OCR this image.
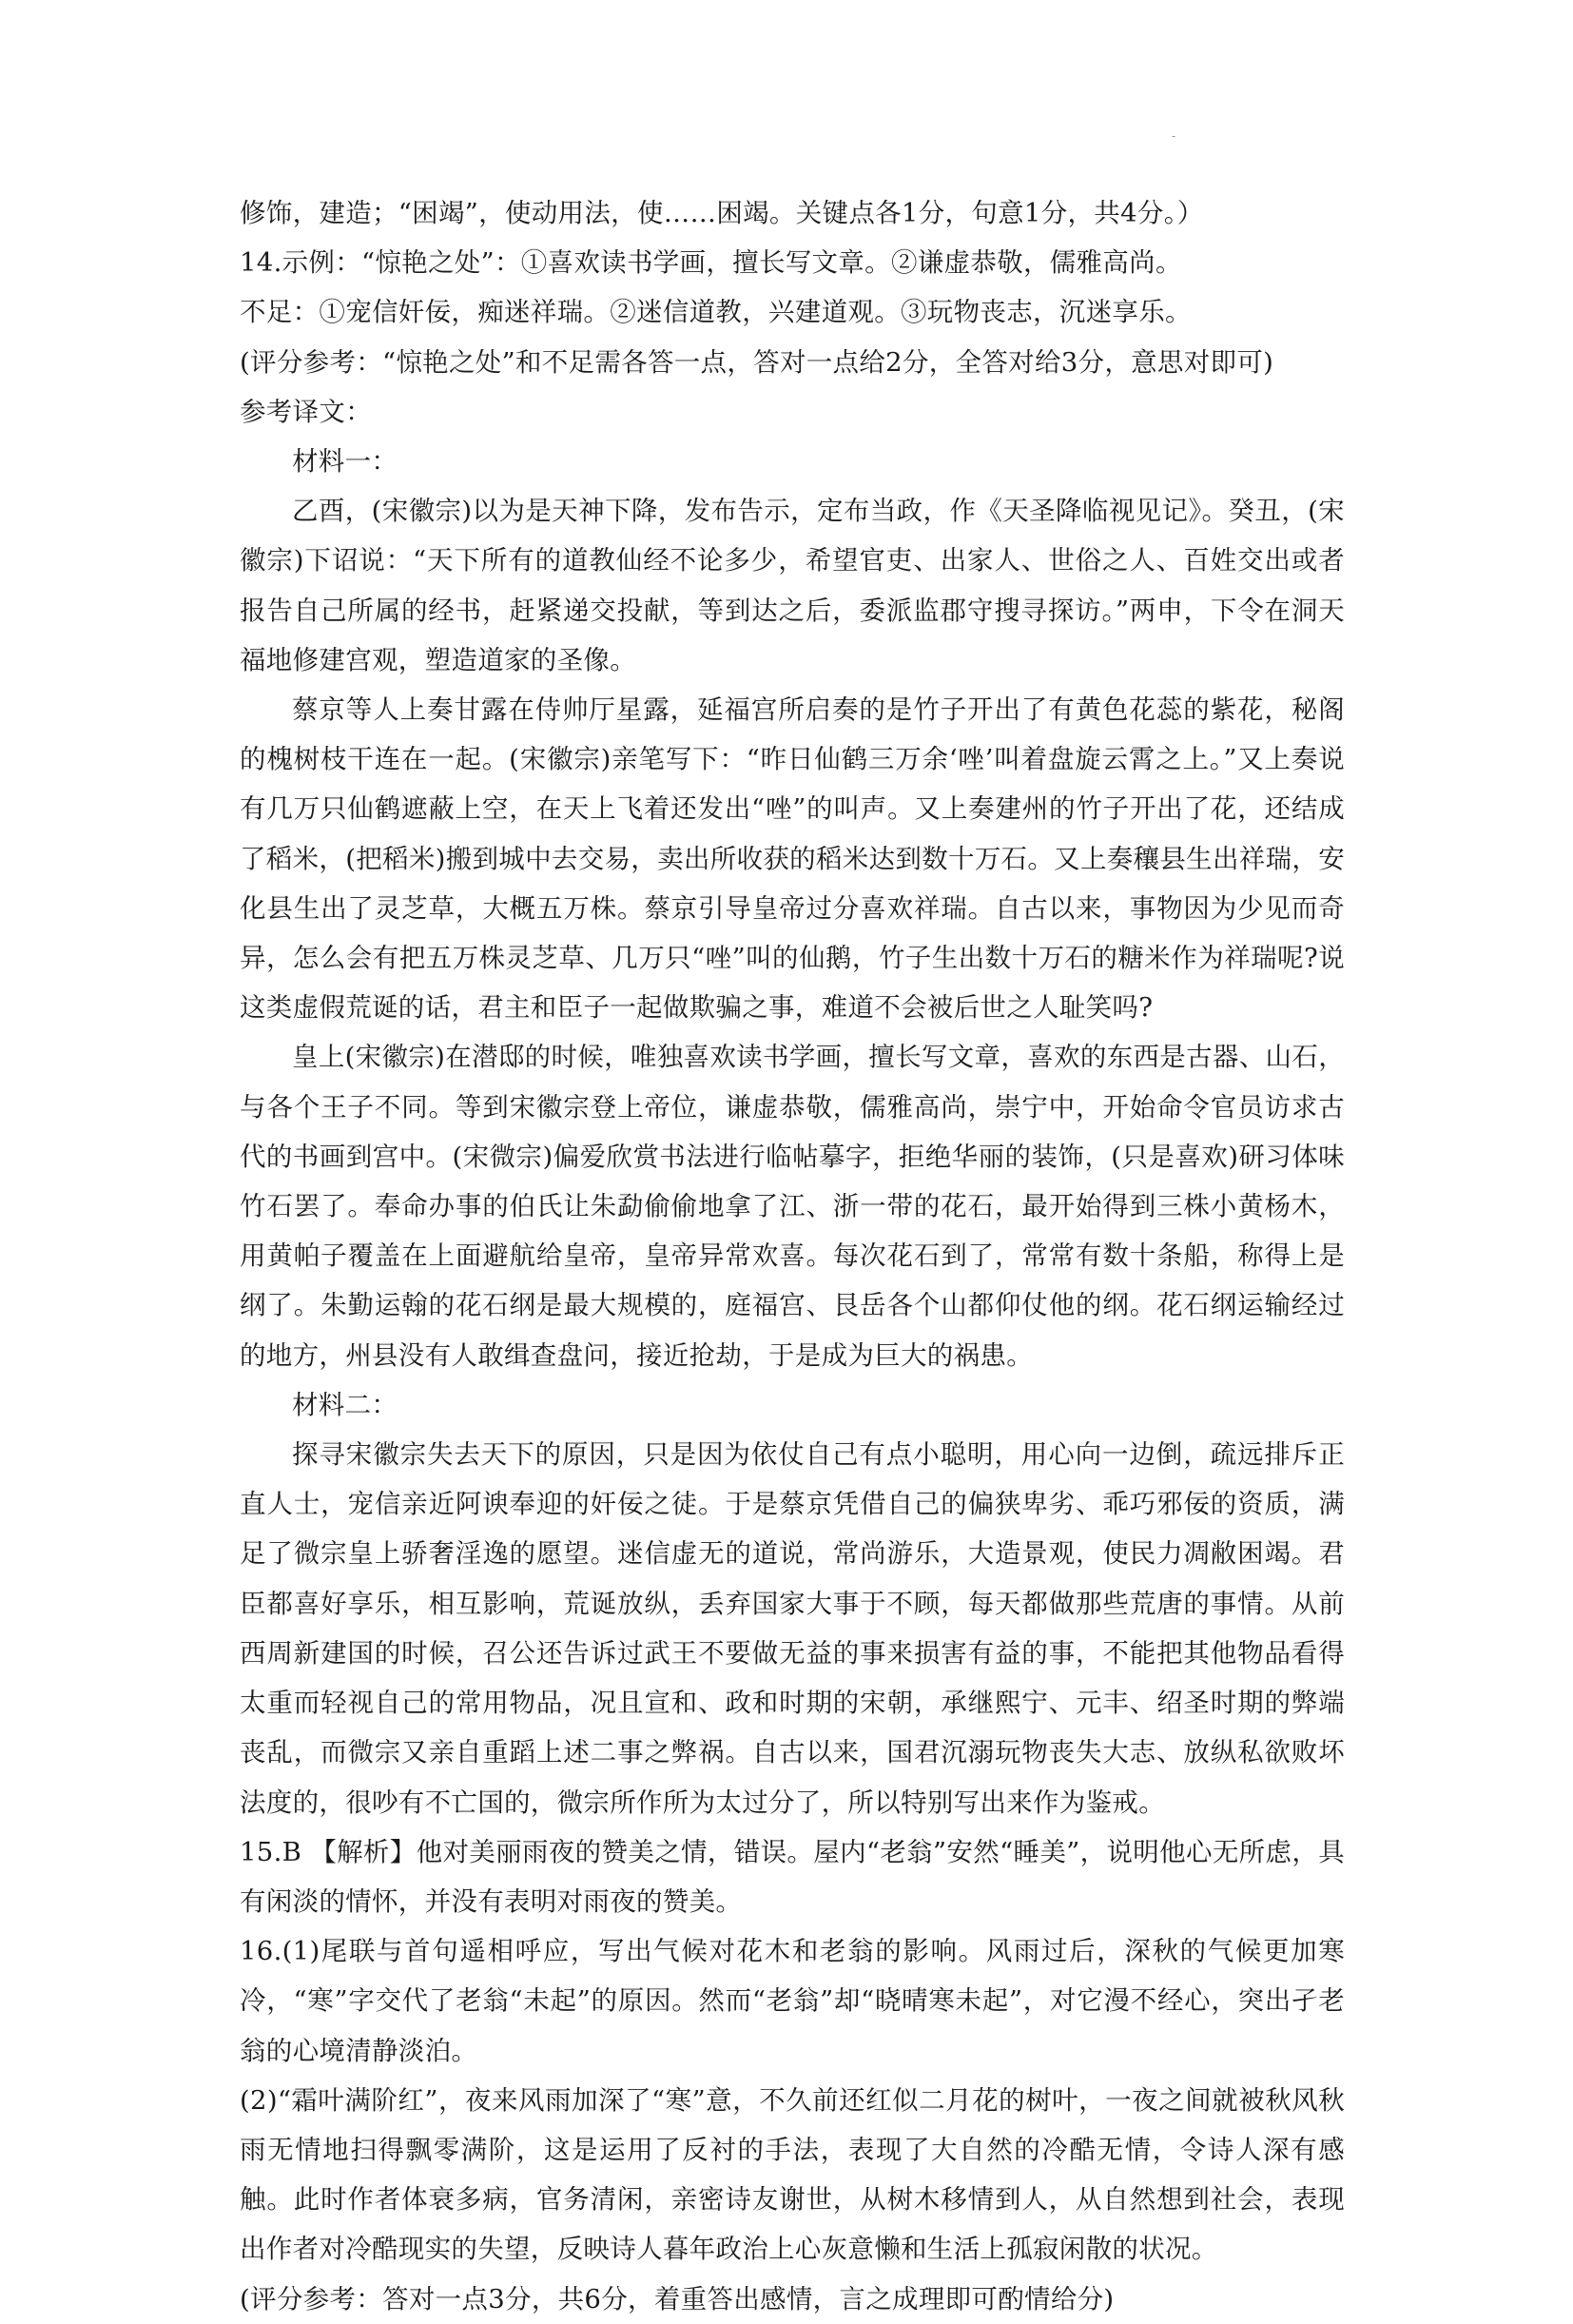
-

修饰，建造；“困竭”，使动用法，使……困竭。关键点各1分，句意1分，共4分。）

14.示例：“惊艳之处”：①喜欢读书学画，擅长写文章。②谦虚恭敬，儒雅高尚。

不足：①宠信奸佞，痴迷祥瑞。②迷信道教，兴建道观。③玩物丧志，沉迷享乐。

(评分参考：“惊艳之处”和不足需各答一点，答对一点给2分，全答对给3分，意思对即可)

参考译文：

材料一：

乙酉，(宋徽宗)以为是天神下降，发布告示，定布当政，作《天圣降临视见记》。癸丑，(宋徽宗)下诏说：“天下所有的道教仙经不论多少，希望官吏、出家人、世俗之人、百姓交出或者报告自己所属的经书，赶紧递交投献，等到达之后，委派监郡守搜寻探访。”两申，下令在洞天福地修建宫观，塑造道家的圣像。

蔡京等人上奏甘露在侍帅厅星露，延福宫所启奏的是竹子开出了有黄色花蕊的紫花，秘阁的槐树枝干连在一起。(宋徽宗)亲笔写下：“昨日仙鹤三万余‘唑’叫着盘旋云霄之上。”又上奏说有几万只仙鹤遮蔽上空，在天上飞着还发出“唑”的叫声。又上奏建州的竹子开出了花，还结成了稻米，(把稻米)搬到城中去交易，卖出所收获的稻米达到数十万石。又上奏穰县生出祥瑞，安化县生出了灵芝草，大概五万株。蔡京引导皇帝过分喜欢祥瑞。自古以来，事物因为少见而奇异，怎么会有把五万株灵芝草、几万只“唑”叫的仙鹅，竹子生出数十万石的糖米作为祥瑞呢?说这类虚假荒诞的话，君主和臣子一起做欺骗之事，难道不会被后世之人耻笑吗?

皇上(宋徽宗)在潜邸的时候，唯独喜欢读书学画，擅长写文章，喜欢的东西是古器、山石，与各个王子不同。等到宋徽宗登上帝位，谦虚恭敬，儒雅高尚，崇宁中，开始命令官员访求古代的书画到宫中。(宋微宗)偏爱欣赏书法进行临帖摹字，拒绝华丽的装饰，(只是喜欢)研习体味竹石罢了。奉命办事的伯氏让朱勐偷偷地拿了江、浙一带的花石，最开始得到三株小黄杨木，用黄帕子覆盖在上面避航给皇帝，皇帝异常欢喜。每次花石到了，常常有数十条船，称得上是纲了。朱勤运翰的花石纲是最大规模的，庭福宫、艮岳各个山都仰仗他的纲。花石纲运输经过的地方，州县没有人敢缉查盘问，接近抢劫，于是成为巨大的祸患。

材料二：

探寻宋徽宗失去天下的原因，只是因为依仗自己有点小聪明，用心向一边倒，疏远排斥正直人士，宠信亲近阿谀奉迎的奸佞之徒。于是蔡京凭借自己的偏狭卑劣、乖巧邪佞的资质，满足了微宗皇上骄奢淫逸的愿望。迷信虚无的道说，常尚游乐，大造景观，使民力凋敝困竭。君臣都喜好享乐，相互影响，荒诞放纵，丢弃国家大事于不顾，每天都做那些荒唐的事情。从前西周新建国的时候，召公还告诉过武王不要做无益的事来损害有益的事，不能把其他物品看得太重而轻视自己的常用物品，况且宣和、政和时期的宋朝，承继熙宁、元丰、绍圣时期的弊端丧乱，而微宗又亲自重蹈上述二事之弊祸。自古以来，国君沉溺玩物丧失大志、放纵私欲败坏法度的，很吵有不亡国的，微宗所作所为太过分了，所以特别写出来作为鉴戒。

15.B 【解析】他对美丽雨夜的赞美之情，错误。屋内“老翁”安然“睡美”，说明他心无所虑，具有闲淡的情怀，并没有表明对雨夜的赞美。

16.(1)尾联与首句遥相呼应，写出气候对花木和老翁的影响。风雨过后，深秋的气候更加寒冷，“寒”字交代了老翁“未起”的原因。然而“老翁”却“晓晴寒未起”，对它漫不经心，突出孑老翁的心境清静淡泊。

(2)“霜叶满阶红”，夜来风雨加深了“寒”意，不久前还红似二月花的树叶，一夜之间就被秋风秋雨无情地扫得飘零满阶，这是运用了反衬的手法，表现了大自然的冷酷无情，令诗人深有感触。此时作者体衰多病，官务清闲，亲密诗友谢世，从树木移情到人，从自然想到社会，表现出作者对冷酷现实的失望，反映诗人暮年政治上心灰意懒和生活上孤寂闲散的状况。

(评分参考：答对一点3分，共6分，着重答出感情，言之成理即可酌情给分)
